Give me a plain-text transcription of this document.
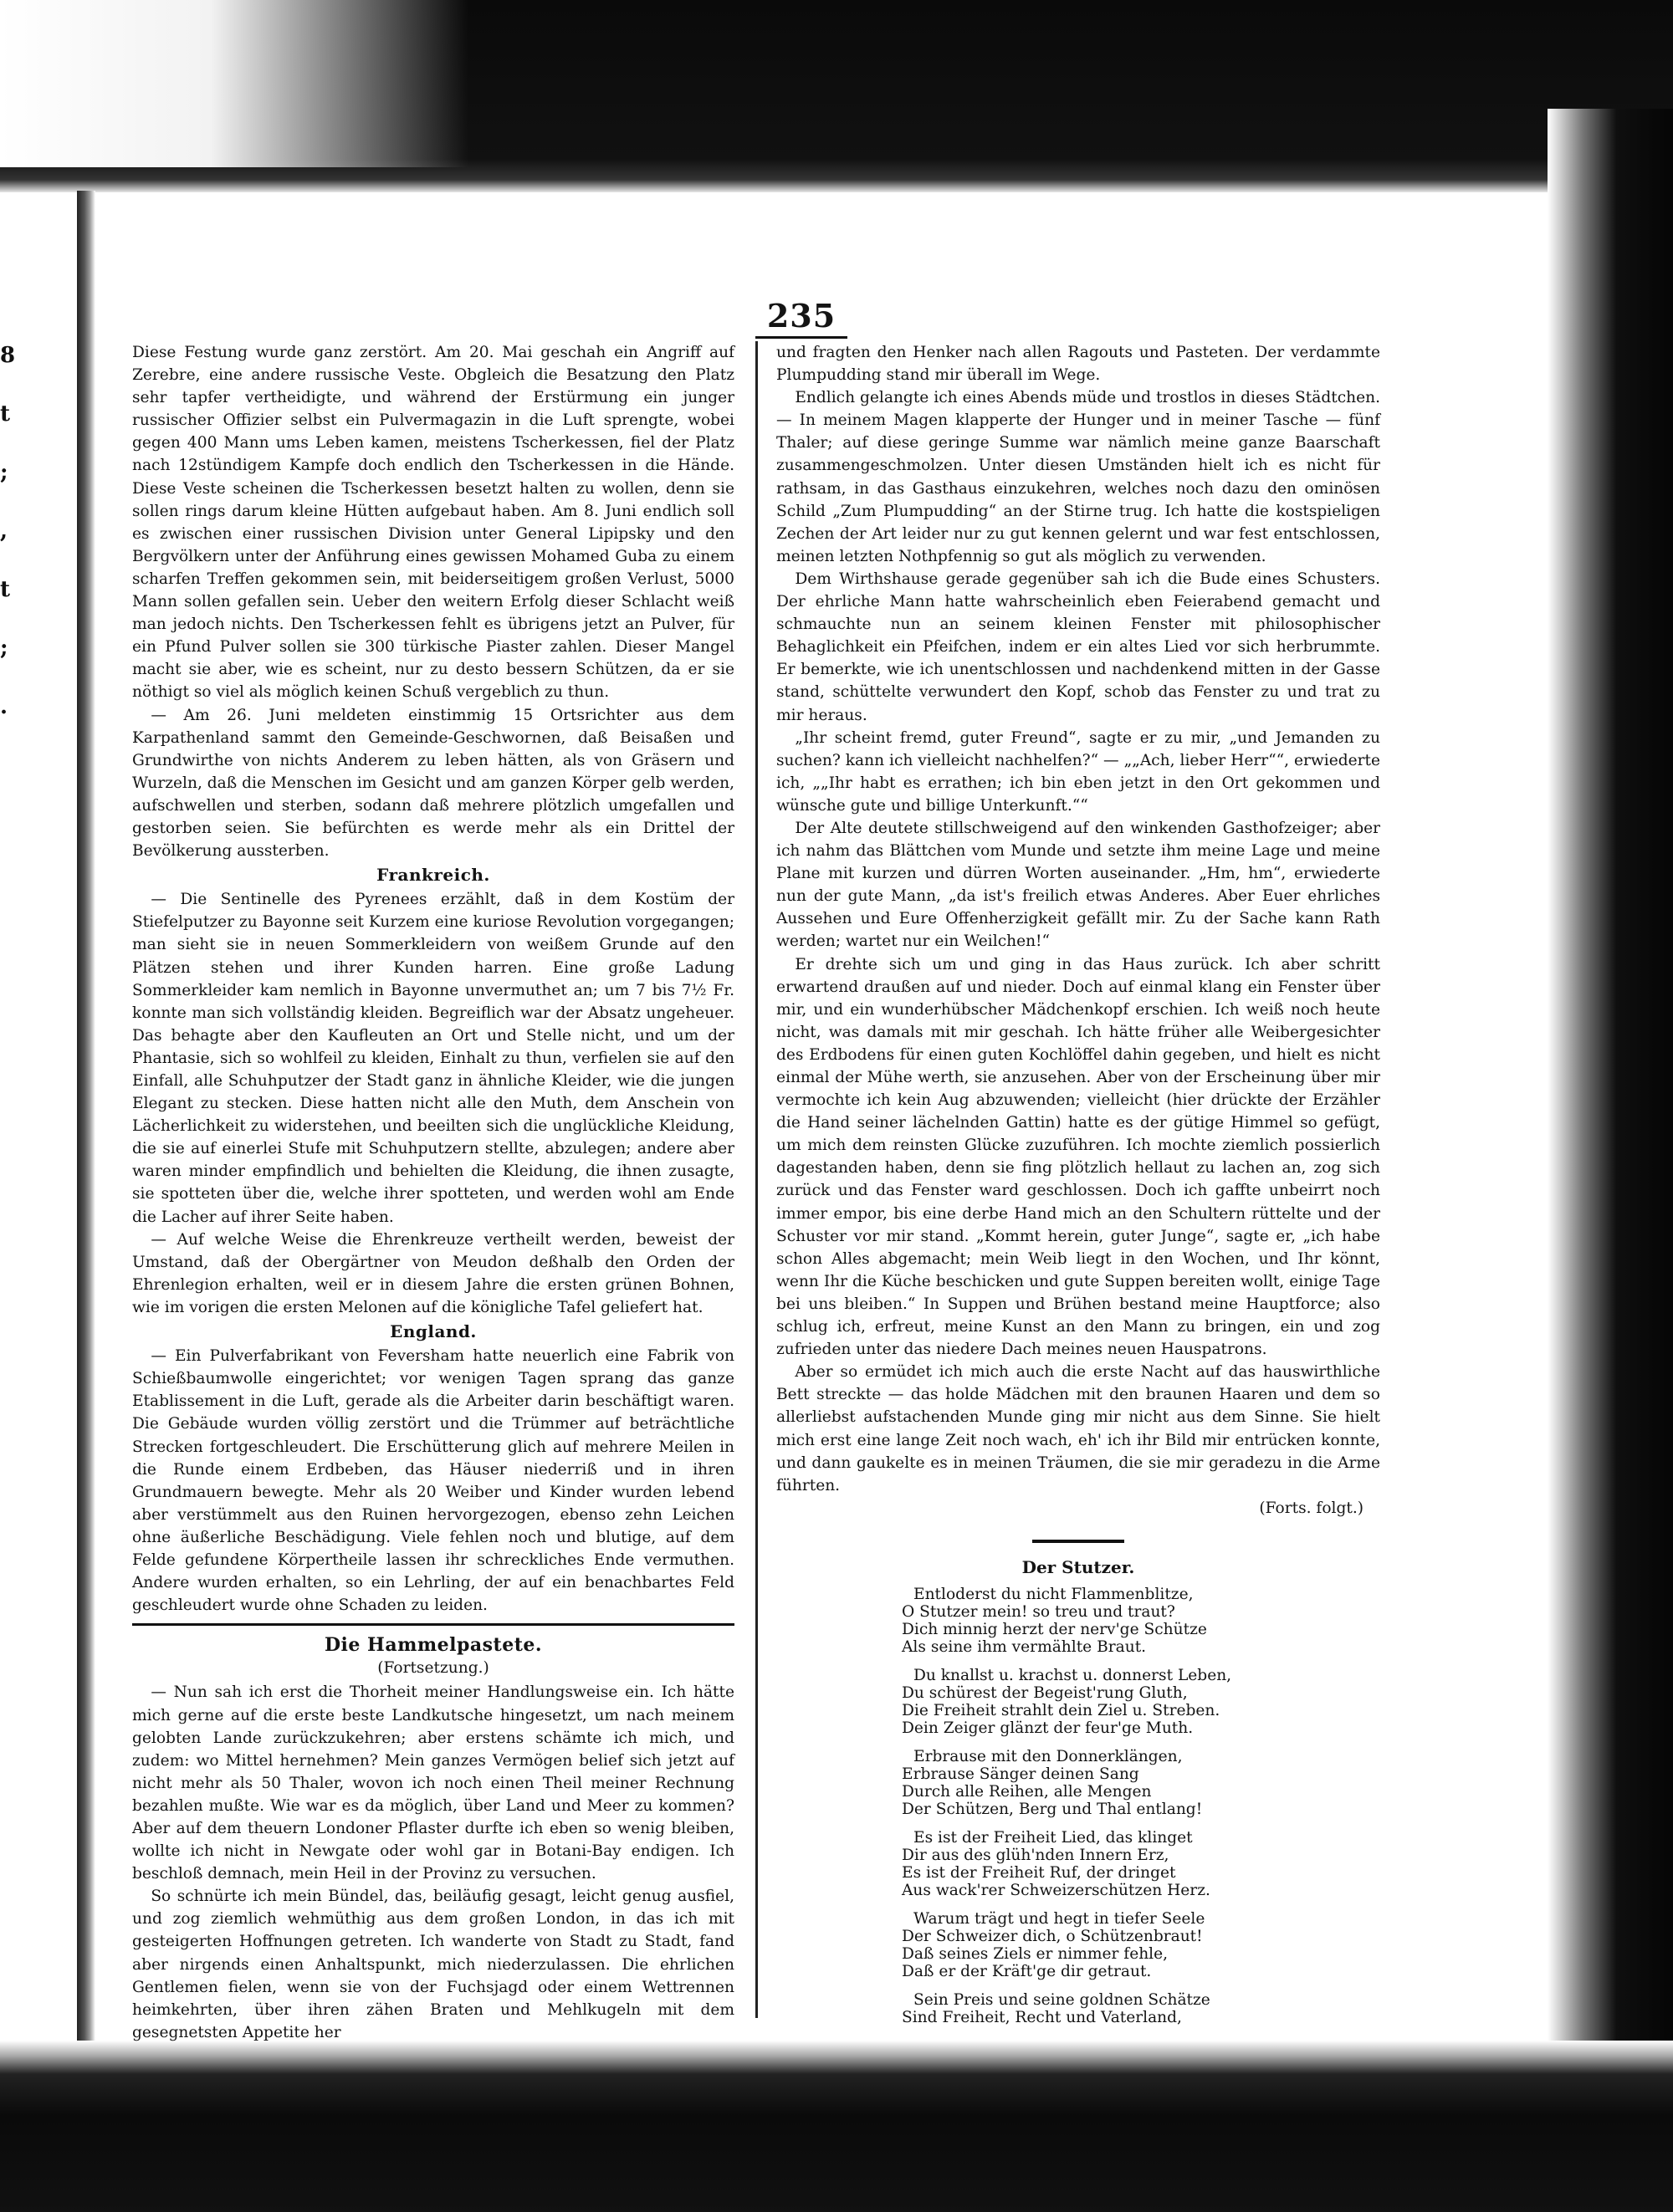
8
t
;
,
t
;
.
235

Diese Festung wurde ganz zerstört. Am 20. Mai geschah ein Angriff auf Zerebre, eine andere russische Veste. Obgleich die Besatzung den Platz sehr tapfer vertheidigte, und während der Erstürmung ein junger russischer Offizier selbst ein Pulvermagazin in die Luft sprengte, wobei gegen 400 Mann ums Leben kamen, meistens Tscherkessen, fiel der Platz nach 12stündigem Kampfe doch endlich den Tscherkessen in die Hände. Diese Veste scheinen die Tscherkessen besetzt halten zu wollen, denn sie sollen rings darum kleine Hütten aufgebaut haben. Am 8. Juni endlich soll es zwischen einer russischen Division unter General Lipipsky und den Bergvölkern unter der Anführung eines gewissen Mohamed Guba zu einem scharfen Treffen gekommen sein, mit beiderseitigem großen Verlust, 5000 Mann sollen gefallen sein. Ueber den weitern Erfolg dieser Schlacht weiß man jedoch nichts. Den Tscherkessen fehlt es übrigens jetzt an Pulver, für ein Pfund Pulver sollen sie 300 türkische Piaster zahlen. Dieser Mangel macht sie aber, wie es scheint, nur zu desto bessern Schützen, da er sie nöthigt so viel als möglich keinen Schuß vergeblich zu thun.

— Am 26. Juni meldeten einstimmig 15 Ortsrichter aus dem Karpathenland sammt den Gemeinde-Geschwornen, daß Beisaßen und Grundwirthe von nichts Anderem zu leben hätten, als von Gräsern und Wurzeln, daß die Menschen im Gesicht und am ganzen Körper gelb werden, aufschwellen und sterben, sodann daß mehrere plötzlich umgefallen und gestorben seien. Sie befürchten es werde mehr als ein Drittel der Bevölkerung aussterben.

Frankreich.

— Die Sentinelle des Pyrenees erzählt, daß in dem Kostüm der Stiefelputzer zu Bayonne seit Kurzem eine kuriose Revolution vorgegangen; man sieht sie in neuen Sommerkleidern von weißem Grunde auf den Plätzen stehen und ihrer Kunden harren. Eine große Ladung Sommerkleider kam nemlich in Bayonne unvermuthet an; um 7 bis 7½ Fr. konnte man sich vollständig kleiden. Begreiflich war der Absatz ungeheuer. Das behagte aber den Kaufleuten an Ort und Stelle nicht, und um der Phantasie, sich so wohlfeil zu kleiden, Einhalt zu thun, verfielen sie auf den Einfall, alle Schuhputzer der Stadt ganz in ähnliche Kleider, wie die jungen Elegant zu stecken. Diese hatten nicht alle den Muth, dem Anschein von Lächerlichkeit zu widerstehen, und beeilten sich die unglückliche Kleidung, die sie auf einerlei Stufe mit Schuhputzern stellte, abzulegen; andere aber waren minder empfindlich und behielten die Kleidung, die ihnen zusagte, sie spotteten über die, welche ihrer spotteten, und werden wohl am Ende die Lacher auf ihrer Seite haben.

— Auf welche Weise die Ehrenkreuze vertheilt werden, beweist der Umstand, daß der Obergärtner von Meudon deßhalb den Orden der Ehrenlegion erhalten, weil er in diesem Jahre die ersten grünen Bohnen, wie im vorigen die ersten Melonen auf die königliche Tafel geliefert hat.

England.

— Ein Pulverfabrikant von Feversham hatte neuerlich eine Fabrik von Schießbaumwolle eingerichtet; vor wenigen Tagen sprang das ganze Etablissement in die Luft, gerade als die Arbeiter darin beschäftigt waren. Die Gebäude wurden völlig zerstört und die Trümmer auf beträchtliche Strecken fortgeschleudert. Die Erschütterung glich auf mehrere Meilen in die Runde einem Erdbeben, das Häuser niederriß und in ihren Grundmauern bewegte. Mehr als 20 Weiber und Kinder wurden lebend aber verstümmelt aus den Ruinen hervorgezogen, ebenso zehn Leichen ohne äußerliche Beschädigung. Viele fehlen noch und blutige, auf dem Felde gefundene Körpertheile lassen ihr schreckliches Ende vermuthen. Andere wurden erhalten, so ein Lehrling, der auf ein benachbartes Feld geschleudert wurde ohne Schaden zu leiden.

Die Hammelpastete.
(Fortsetzung.)

— Nun sah ich erst die Thorheit meiner Handlungsweise ein. Ich hätte mich gerne auf die erste beste Landkutsche hingesetzt, um nach meinem gelobten Lande zurückzukehren; aber erstens schämte ich mich, und zudem: wo Mittel hernehmen? Mein ganzes Vermögen belief sich jetzt auf nicht mehr als 50 Thaler, wovon ich noch einen Theil meiner Rechnung bezahlen mußte. Wie war es da möglich, über Land und Meer zu kommen? Aber auf dem theuern Londoner Pflaster durfte ich eben so wenig bleiben, wollte ich nicht in Newgate oder wohl gar in Botani-Bay endigen. Ich beschloß demnach, mein Heil in der Provinz zu versuchen.

So schnürte ich mein Bündel, das, beiläufig gesagt, leicht genug ausfiel, und zog ziemlich wehmüthig aus dem großen London, in das ich mit gesteigerten Hoffnungen getreten. Ich wanderte von Stadt zu Stadt, fand aber nirgends einen Anhaltspunkt, mich niederzulassen. Die ehrlichen Gentlemen fielen, wenn sie von der Fuchsjagd oder einem Wettrennen heimkehrten, über ihren zähen Braten und Mehlkugeln mit dem gesegnetsten Appetite her

und fragten den Henker nach allen Ragouts und Pasteten. Der verdammte Plumpudding stand mir überall im Wege.

Endlich gelangte ich eines Abends müde und trostlos in dieses Städtchen. — In meinem Magen klapperte der Hunger und in meiner Tasche — fünf Thaler; auf diese geringe Summe war nämlich meine ganze Baarschaft zusammengeschmolzen. Unter diesen Umständen hielt ich es nicht für rathsam, in das Gasthaus einzukehren, welches noch dazu den ominösen Schild „Zum Plumpudding“ an der Stirne trug. Ich hatte die kostspieligen Zechen der Art leider nur zu gut kennen gelernt und war fest entschlossen, meinen letzten Nothpfennig so gut als möglich zu verwenden.

Dem Wirthshause gerade gegenüber sah ich die Bude eines Schusters. Der ehrliche Mann hatte wahrscheinlich eben Feierabend gemacht und schmauchte nun an seinem kleinen Fenster mit philosophischer Behaglichkeit ein Pfeifchen, indem er ein altes Lied vor sich herbrummte. Er bemerkte, wie ich unentschlossen und nachdenkend mitten in der Gasse stand, schüttelte verwundert den Kopf, schob das Fenster zu und trat zu mir heraus.

„Ihr scheint fremd, guter Freund“, sagte er zu mir, „und Jemanden zu suchen? kann ich vielleicht nachhelfen?“ — „„Ach, lieber Herr““, erwiederte ich, „„Ihr habt es errathen; ich bin eben jetzt in den Ort gekommen und wünsche gute und billige Unterkunft.““

Der Alte deutete stillschweigend auf den winkenden Gasthofzeiger; aber ich nahm das Blättchen vom Munde und setzte ihm meine Lage und meine Plane mit kurzen und dürren Worten auseinander. „Hm, hm“, erwiederte nun der gute Mann, „da ist's freilich etwas Anderes. Aber Euer ehrliches Aussehen und Eure Offenherzigkeit gefällt mir. Zu der Sache kann Rath werden; wartet nur ein Weilchen!“

Er drehte sich um und ging in das Haus zurück. Ich aber schritt erwartend draußen auf und nieder. Doch auf einmal klang ein Fenster über mir, und ein wunderhübscher Mädchenkopf erschien. Ich weiß noch heute nicht, was damals mit mir geschah. Ich hätte früher alle Weibergesichter des Erdbodens für einen guten Kochlöffel dahin gegeben, und hielt es nicht einmal der Mühe werth, sie anzusehen. Aber von der Erscheinung über mir vermochte ich kein Aug abzuwenden; vielleicht (hier drückte der Erzähler die Hand seiner lächelnden Gattin) hatte es der gütige Himmel so gefügt, um mich dem reinsten Glücke zuzuführen. Ich mochte ziemlich possierlich dagestanden haben, denn sie fing plötzlich hellaut zu lachen an, zog sich zurück und das Fenster ward geschlossen. Doch ich gaffte unbeirrt noch immer empor, bis eine derbe Hand mich an den Schultern rüttelte und der Schuster vor mir stand. „Kommt herein, guter Junge“, sagte er, „ich habe schon Alles abgemacht; mein Weib liegt in den Wochen, und Ihr könnt, wenn Ihr die Küche beschicken und gute Suppen bereiten wollt, einige Tage bei uns bleiben.“ In Suppen und Brühen bestand meine Hauptforce; also schlug ich, erfreut, meine Kunst an den Mann zu bringen, ein und zog zufrieden unter das niedere Dach meines neuen Hauspatrons.

Aber so ermüdet ich mich auch die erste Nacht auf das hauswirthliche Bett streckte — das holde Mädchen mit den braunen Haaren und dem so allerliebst aufstachenden Munde ging mir nicht aus dem Sinne. Sie hielt mich erst eine lange Zeit noch wach, eh' ich ihr Bild mir entrücken konnte, und dann gaukelte es in meinen Träumen, die sie mir geradezu in die Arme führten.

(Forts. folgt.)
Der Stutzer.
Entloderst du nicht Flammenblitze,
O Stutzer mein! so treu und traut?
Dich minnig herzt der nerv'ge Schütze
Als seine ihm vermählte Braut.
Du knallst u. krachst u. donnerst Leben,
Du schürest der Begeist'rung Gluth,
Die Freiheit strahlt dein Ziel u. Streben.
Dein Zeiger glänzt der feur'ge Muth.
Erbrause mit den Donnerklängen,
Erbrause Sänger deinen Sang
Durch alle Reihen, alle Mengen
Der Schützen, Berg und Thal entlang!
Es ist der Freiheit Lied, das klinget
Dir aus des glüh'nden Innern Erz,
Es ist der Freiheit Ruf, der dringet
Aus wack'rer Schweizerschützen Herz.
Warum trägt und hegt in tiefer Seele
Der Schweizer dich, o Schützenbraut!
Daß seines Ziels er nimmer fehle,
Daß er der Kräft'ge dir getraut.
Sein Preis und seine goldnen Schätze
Sind Freiheit, Recht und Vaterland,
